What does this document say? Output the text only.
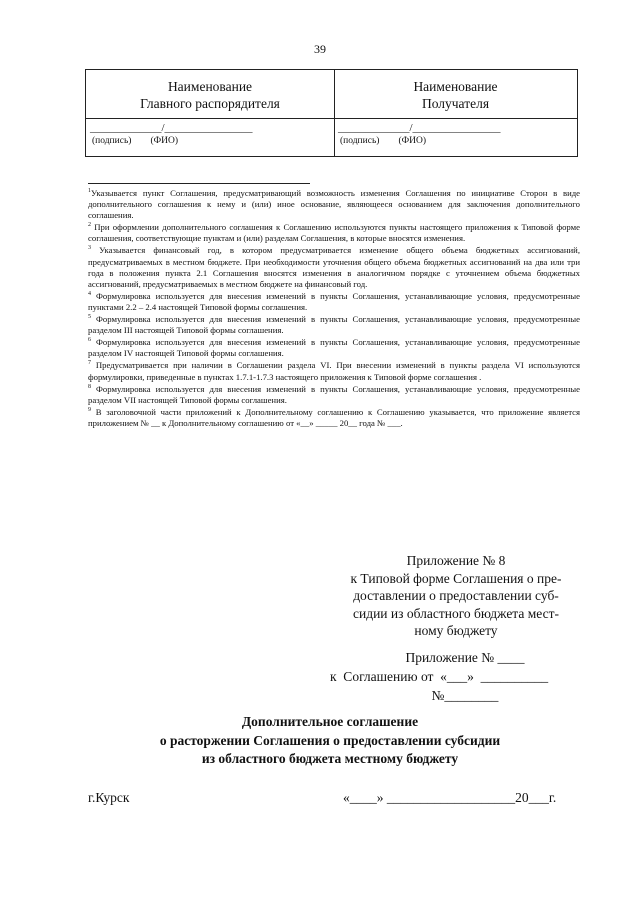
39
Наименование
Главного распорядителя
_____________/________________
(подпись)        (ФИО)
Наименование
Получателя
_____________/________________
(подпись)        (ФИО)

$^1$Указывается пункт Соглашения, предусматривающий возможность изменения Соглашения по инициативе Сторон в виде дополнительного соглашения к нему и (или) иное основание, являющееся основанием для заключения дополнительного соглашения.

$^2$ При оформлении дополнительного соглашения к Соглашению используются пункты настоящего приложения к Типовой форме соглашения, соответствующие пунктам и (или) разделам Соглашения, в которые вносятся изменения.

$^3$ Указывается финансовый год, в котором предусматривается изменение общего объема бюджетных ассигнований, предусматриваемых в местном бюджете. При необходимости уточнения общего объема бюджетных ассигнований на два или три года в положения пункта 2.1 Соглашения вносятся изменения в аналогичном порядке с уточнением объема бюджетных ассигнований, предусматриваемых в местном бюджете на финансовый год.

$^4$ Формулировка используется для внесения изменений в пункты Соглашения, устанавливающие условия, предусмотренные пунктами 2.2 – 2.4 настоящей Типовой формы соглашения.

$^5$ Формулировка используется для внесения изменений в пункты Соглашения, устанавливающие условия, предусмотренные разделом III настоящей Типовой формы соглашения.

$^6$ Формулировка используется для внесения изменений в пункты Соглашения, устанавливающие условия, предусмотренные разделом IV настоящей Типовой формы соглашения.

$^7$ Предусматривается при наличии в Соглашении раздела VI. При внесении изменений в пункты раздела VI используются формулировки, приведенные в пунктах 1.7.1-1.7.3 настоящего приложения к Типовой форме соглашения .

$^8$ Формулировка используется для внесения изменений в пункты Соглашения, устанавливающие условия, предусмотренные разделом VII настоящей Типовой формы соглашения.

$^9$ В заголовочной части приложений к Дополнительному соглашению к Соглашению указывается, что приложение является приложением № __ к Дополнительному соглашению от «__» _____ 20__ года № ___.

Приложение № 8
к Типовой форме Соглашения о пре-
доставлении о предоставлении суб-
сидии из областного бюджета мест-
ному бюджету
Приложение № ____
к  Соглашению от  «___»  __________
№________
Дополнительное соглашение
о расторжении Соглашения о предоставлении субсидии
из областного бюджета местному бюджету
г.Курск	«____» ___________________20___г.
